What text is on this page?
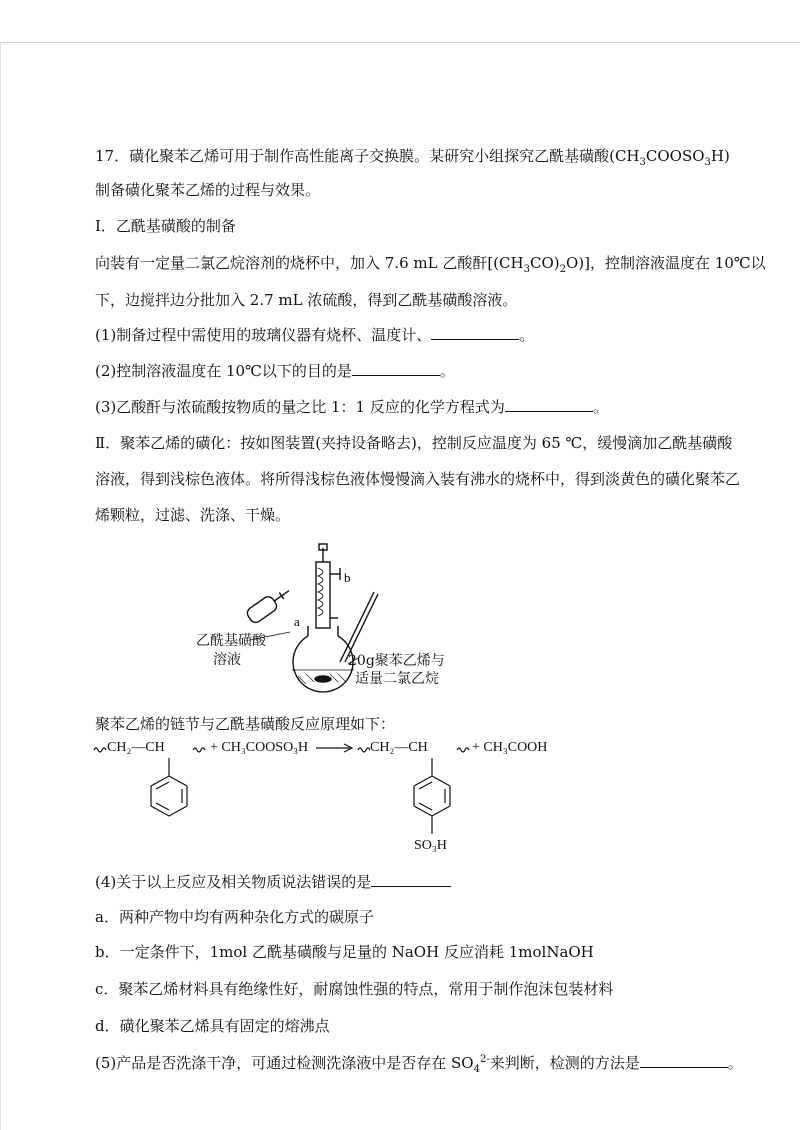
17．磺化聚苯乙烯可用于制作高性能离子交换膜。某研究小组探究乙酰基磺酸$(CH_3COOSO_3H)$
制备磺化聚苯乙烯的过程与效果。
Ⅰ．乙酰基磺酸的制备
向装有一定量二氯乙烷溶剂的烧杯中，加入 7.6 mL 乙酸酐$[(CH_3CO)_2O)$]，控制溶液温度在 10℃以
下，边搅拌边分批加入 2.7 mL 浓硫酸，得到乙酰基磺酸溶液。
(1)制备过程中需使用的玻璃仪器有烧杯、温度计、	。
(2)控制溶液温度在 10℃以下的目的是	。
(3)乙酸酐与浓硫酸按物质的量之比 1：1 反应的化学方程式为	。
Ⅱ．聚苯乙烯的磺化：按如图装置(夹持设备略去)，控制反应温度为 65 ℃，缓慢滴加乙酰基磺酸
溶液，得到浅棕色液体。将所得浅棕色液体慢慢滴入装有沸水的烧杯中，得到淡黄色的磺化聚苯乙
烯颗粒，过滤、洗涤、干燥。
b
a
乙酰基磺酸
溶液	20g聚苯乙烯与
适量二氯乙烷
聚苯乙烯的链节与乙酰基磺酸反应原理如下：
CH₂—CH	+ CH₃COOSO₃H	CH₂—CH	+ CH₃COOH
SO₃H
(4)关于以上反应及相关物质说法错误的是
a．两种产物中均有两种杂化方式的碳原子
b．一定条件下，1mol 乙酰基磺酸与足量的 NaOH 反应消耗 1molNaOH
c．聚苯乙烯材料具有绝缘性好，耐腐蚀性强的特点，常用于制作泡沫包装材料
d．磺化聚苯乙烯具有固定的熔沸点
(5)产品是否洗涤干净，可通过检测洗涤液中是否存在 $SO_4^{2-}$来判断，检测的方法是	。
